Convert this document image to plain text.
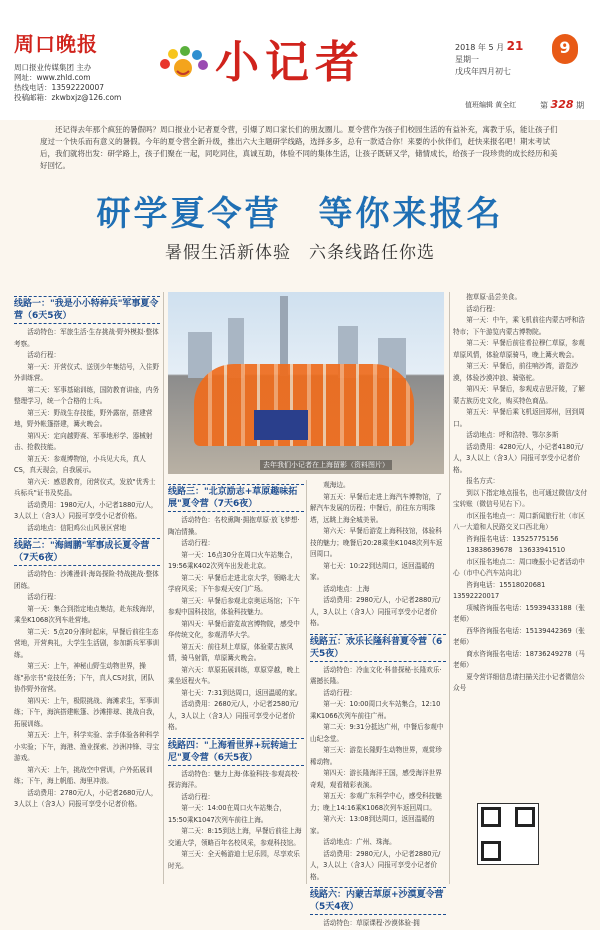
周口晚报
周口报业传媒集团 主办
网址：www.zhld.com
热线电话：13592220007
投稿邮箱：zkwbxjz@126.com
小记者	2018 年 5 月 21
星期一
戊戌年四月初七
9
值班编辑 黄全红	第 328 期
还记得去年那个疯狂的暑假吗？周口报业小记者夏令营，引爆了周口家长们的朋友圈儿。夏令营作为孩子们校园生活的有益补充，寓教于乐，能让孩子们度过一个快乐而有意义的暑假。今年的夏令营全新升级，推出六大主题研学线路，选择多多，总有一款适合你！来要的小伙伴们，赶快来报名吧！期末考试后，我们就将出发：研学路上，孩子们聚在一起，同吃同住，真诚互助，体验不同的集体生活，让孩子既研又学，储情成长，给孩子一段珍贵的成长经历和美好回忆。
研学夏令营　等你来报名
暑假生活新体验　六条线路任你选
线路一："我是小小特种兵"军事夏令营（6天5夜）

活动特色：军旅生活·生存挑战·野外模拟·整体考察。

活动行程：

第一天：开营仪式、送别少年集结号，入住野外训练营。

第二天：军事基础训练，国防教育讲座，内务整理学习，统一个合格的士兵。

第三天：野战生存技能，野外露宿，搭建营地，野外帐篷搭建，篝火晚会。

第四天：定向越野赛、军事地形学、器械射击、抢救技能。

第五天：参观博物馆，小兵见大兵，真人CS，真天现会，自我展示。

第六天：感恩教育，闭营仪式，发放"优秀士兵标兵"证书及奖品。

活动费用：1980元/人，小记者1880元/人，3人以上（含3人）同报可享受小记者价格。

活动地点：信阳鸡公山风景区营地

线路二："海阔鹏"军事成长夏令营（7天6夜）

活动特色：沙滩漫训·海岛探险·特战挑战·整体团练。

活动行程：

第一天：集合到指定地点集结，赴东线海岸，乘坐K1068次列车赴营地。

第二天：5点20分准时起床，早餐后前往生态营地，开营典礼，大学生生活剧，参加新兵军事训练。

第三天：上午，神秘山野生动物世界，操练"孙宗书"竞技任务；下午，真人CS对抗，团队协作野外宿营。

第四天：上午，极限挑战、海滩求生，军事训练；下午，海滨搭建帐篷、沙滩排球、挑战自我，拓展训练。

第五天：上午，科学实验、亲手体验各种科学小实验；下午，海港、渔业探索、沙洲冲锋、寻宝游戏。

第六天：上午，挑战空中营训，户外拓展训练；下午，海上帆船、海里冲浪。

活动费用：2780元/人，小记者2680元/人，3人以上（含3人）同报可享受小记者价格。

去年我们小记者在上海留影（资料图片）
线路三："北京励志+草原趣味拓展"夏令营（7天6夜）

活动特色：名校熏陶·拥抱草原·放飞梦想·陶冶情操。

活动行程：

第一天：16点30分在周口火车站集合，19:56乘K402次列车出发赴北京。

第二天：早餐后走进北京大学，领略北大学府风采；下午参观天安门广场。

第三天：早餐后参观北京奥运场馆；下午参观中国科技馆，体验科技魅力。

第四天：早餐后游览故宫博物院，感受中华传统文化，参观清华大学。

第五天：前往坝上草原，体验蒙古族风情，骑马射箭，草原篝火晚会。

第六天：草原拓展训练，草原穿越，晚上乘坐返程火车。

第七天：7:31到达周口，返回温暖的家。

活动费用：2680元/人，小记者2580元/人，3人以上（含3人）同报可享受小记者价格。

线路四："上海看世界+玩转迪士尼"夏令营（6天5夜）

活动特色：魅力上海·体验科技·参观高校·探访海洋。

活动行程：

第一天：14:00在周口火车站集合，15:50乘K1047次列车前往上海。

第二天：8:15到达上海，早餐后前往上海交通大学，领略百年名校风采，参观科技馆。

第三天：全天畅游迪士尼乐园，尽享欢乐时光。

观海边。

第五天：早餐后走进上海汽车博物馆，了解汽车发展的历程；中餐后，前往东方明珠塔，远眺上海全城美景。

第六天：早餐后游览上海科技馆，体验科技的魅力；晚餐后20:28乘坐K1048次列车返回周口。

第七天：10:22到达周口，返回温暖的家。

活动地点：上海

活动费用：2980元/人，小记者2880元/人，3人以上（含3人）同报可享受小记者价格。

线路五：欢乐长隆科普夏令营（6天5夜）

活动特色：冷血文化·科普探秘·长隆欢乐·震撼长隆。

活动行程：

第一天：10:00周口火车站集合，12:10乘K1066次列车前往广州。

第二天：9:31分抵达广州，中餐后参观中山纪念堂。

第三天：游览长隆野生动物世界，观赏珍稀动物。

第四天：游长隆海洋王国，感受海洋世界奇观，观看精彩表演。

第五天：参观广东科学中心，感受科技魅力；晚上14:16乘K1068次列车返回周口。

第六天：13:08到达周口，返回温暖的家。

活动地点：广州、珠海。

活动费用：2980元/人，小记者2880元/人，3人以上（含3人）同报可享受小记者价格。

线路六：内蒙古草原+沙漠夏令营（5天4夜）

活动特色：草原课程·沙漠体验·拥

抱草原·品尝美食。

活动行程：

第一天：中午，乘飞机前往内蒙古呼和浩特市；下午游览内蒙古博物院。

第二天：早餐后前往希拉穆仁草原，参观草原风情，体验草原骑马，晚上篝火晚会。

第三天：早餐后，前往响沙湾，游览沙漠，体验沙漠冲浪、骑骆驼。

第四天：早餐后，参观成吉思汗陵，了解蒙古族历史文化，购买特色商品。

第五天：早餐后乘飞机返回郑州，回到周口。

活动地点：呼和浩特、鄂尔多斯

活动费用：4280元/人，小记者4180元/人，3人以上（含3人）同报可享受小记者价格。

报名方式：

到以下指定地点报名，也可通过微信/支付宝转账（微信号见右下）。

市区报名地点一：周口新闻旅行社（市区八一大道和人民路交叉口西北角）

咨询报名电话：13525775156

13838639678　13633941510

市区报名地点二：周口晚报小记者活动中心（市中心汽车站向北）

咨询电话：15518020681　13592220017

项城咨询报名电话：15939433188（张老师）

西华咨询报名电话：15139442369（张老师）

商水咨询报名电话：18736249278（马老师）

夏令营详细信息请扫描关注小记者微信公众号
